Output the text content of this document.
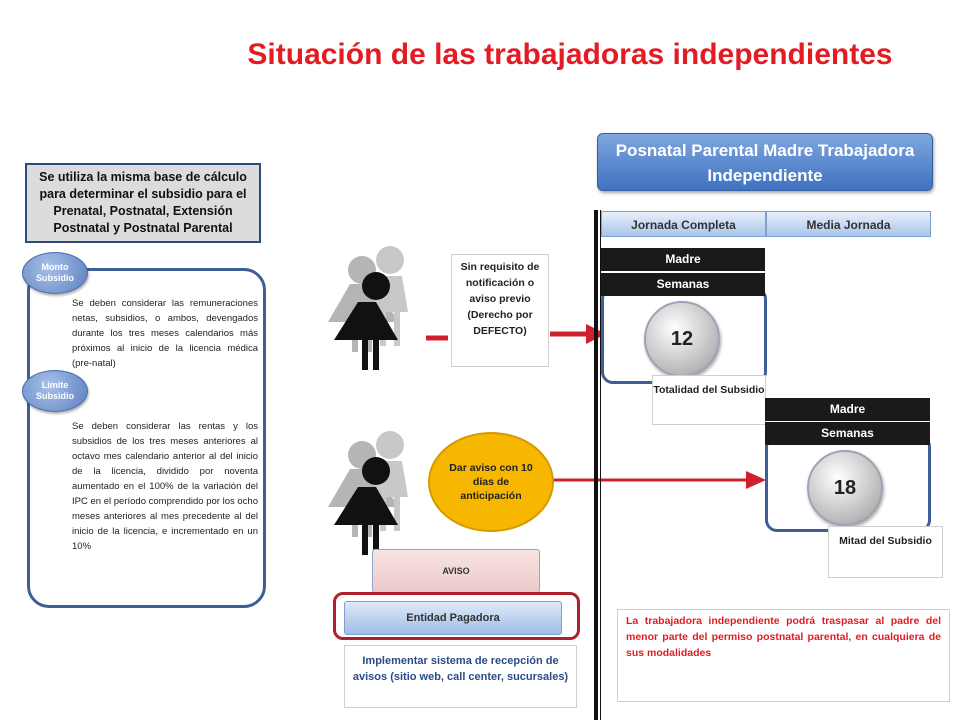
Situación de las trabajadoras independientes
Se utiliza la misma base de cálculo para determinar el subsidio para el Prenatal, Postnatal, Extensión Postnatal y Postnatal Parental
Monto Subsidio
Se deben considerar las remuneraciones netas, subsidios, o ambos, devengados durante los tres meses calendarios más próximos al inicio de la licencia médica (pre-natal)
Límite Subsidio
Se deben considerar las rentas y los subsidios de los tres meses anteriores al octavo mes calendario anterior al del inicio de la licencia, dividido por noventa aumentado en el 100% de la variación del IPC en el período comprendido por los ocho meses anteriores al mes precedente al del inicio de la licencia, e incrementado en un 10%
Sin requisito de notificación o aviso previo (Derecho por DEFECTO)
Dar aviso con 10 días de anticipación
AVISO
Entidad Pagadora
Implementar sistema de recepción de avisos (sitio web, call center, sucursales)
Posnatal Parental Madre Trabajadora Independiente
Jornada Completa	Media Jornada
Madre
Semanas
12
Totalidad del Subsidio
Madre
Semanas
18
Mitad del Subsidio
La trabajadora independiente podrá traspasar al padre del menor parte del permiso postnatal parental, en cualquiera de sus modalidades
